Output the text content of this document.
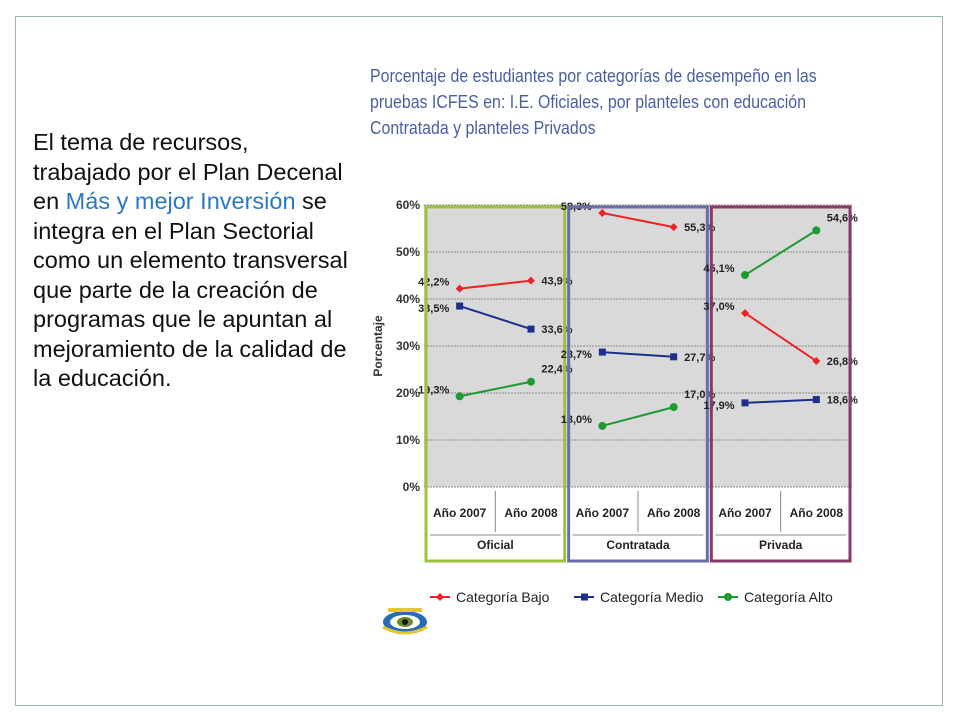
El tema de recursos, trabajado por el Plan Decenal en Más y mejor Inversión se integra en el Plan Sectorial como un elemento transversal que parte de la creación de programas que le apuntan al mejoramiento de la calidad de la educación.
Porcentaje de estudiantes por categorías de desempeño en las
pruebas ICFES en: I.E. Oficiales, por planteles con educación
Contratada y planteles Privados
0%
10%
20%
30%
40%
50%
60%
Porcentaje
Año 2007 Año 2008
Oficial
42,2%	43,9%
38,5%
33,6%
19,3%
22,4%
Año 2007 Año 2008
Contratada
58,3%
55,3%
28,7%	27,7%
13,0%
17,0%
Año 2007 Año 2008
Privada
37,0%
26,8%
17,9%	18,6%
45,1%
54,6%
Categoría Bajo	Categoría Medio	Categoría Alto
